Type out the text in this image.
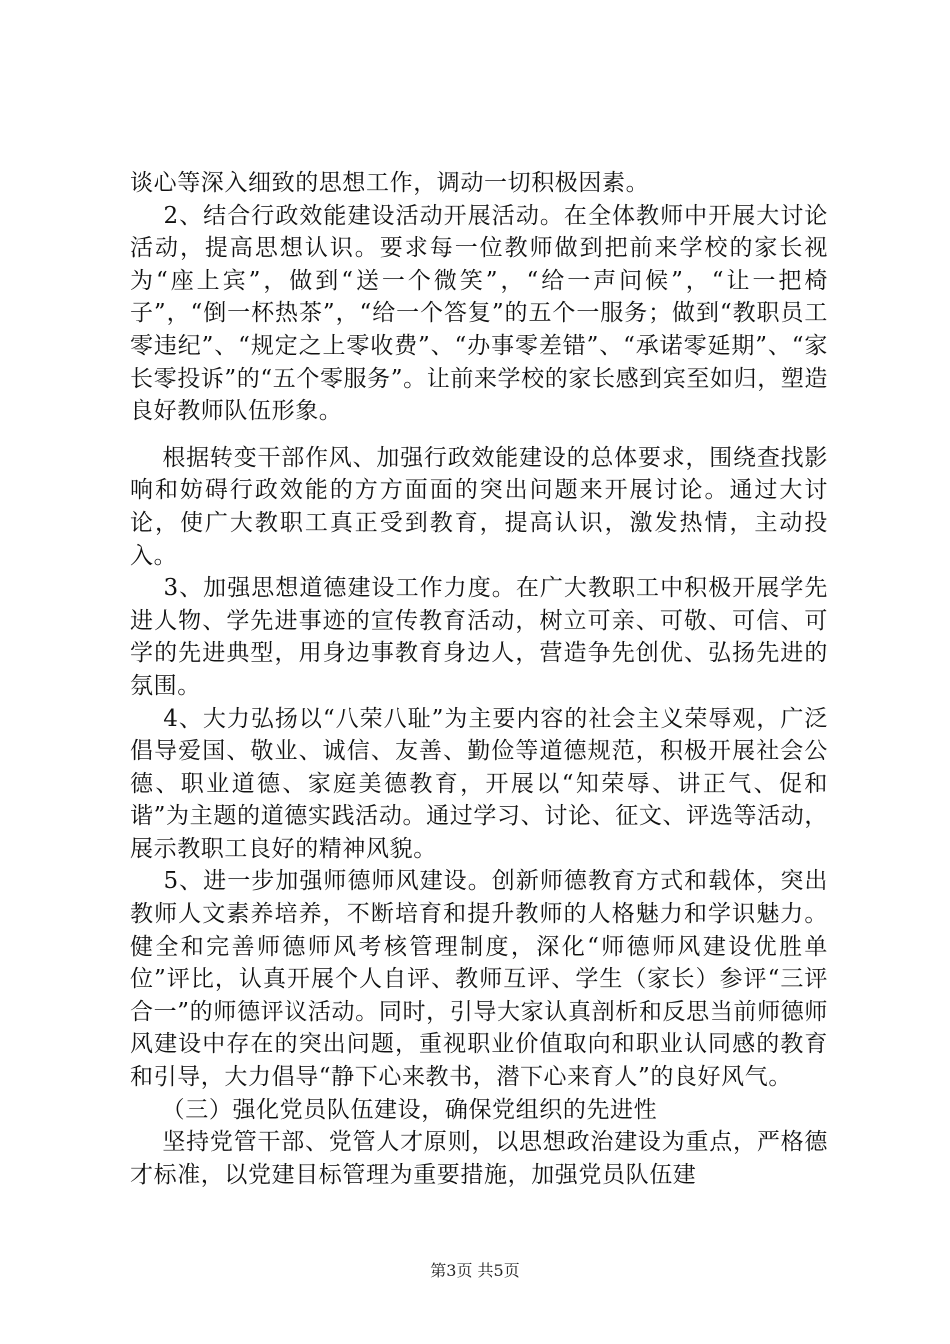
谈心等深入细致的思想工作，调动一切积极因素。

2、结合行政效能建设活动开展活动。在全体教师中开展大讨论活动，提高思想认识。要求每一位教师做到把前来学校的家长视为“座上宾”，做到“送一个微笑”，“给一声问候”，“让一把椅子”，“倒一杯热茶”，“给一个答复”的五个一服务；做到“教职员工零违纪”、“规定之上零收费”、“办事零差错”、“承诺零延期”、“家长零投诉”的“五个零服务”。让前来学校的家长感到宾至如归，塑造良好教师队伍形象。

根据转变干部作风、加强行政效能建设的总体要求，围绕查找影响和妨碍行政效能的方方面面的突出问题来开展讨论。通过大讨论，使广大教职工真正受到教育，提高认识，激发热情，主动投入。

3、加强思想道德建设工作力度。在广大教职工中积极开展学先进人物、学先进事迹的宣传教育活动，树立可亲、可敬、可信、可学的先进典型，用身边事教育身边人，营造争先创优、弘扬先进的氛围。

4、大力弘扬以“八荣八耻”为主要内容的社会主义荣辱观，广泛倡导爱国、敬业、诚信、友善、勤俭等道德规范，积极开展社会公德、职业道德、家庭美德教育，开展以“知荣辱、讲正气、促和谐”为主题的道德实践活动。通过学习、讨论、征文、评选等活动，展示教职工良好的精神风貌。

5、进一步加强师德师风建设。创新师德教育方式和载体，突出教师人文素养培养，不断培育和提升教师的人格魅力和学识魅力。健全和完善师德师风考核管理制度，深化“师德师风建设优胜单位”评比，认真开展个人自评、教师互评、学生（家长）参评“三评合一”的师德评议活动。同时，引导大家认真剖析和反思当前师德师风建设中存在的突出问题，重视职业价值取向和职业认同感的教育和引导，大力倡导“静下心来教书，潜下心来育人”的良好风气。

（三）强化党员队伍建设，确保党组织的先进性

坚持党管干部、党管人才原则，以思想政治建设为重点，严格德才标准，以党建目标管理为重要措施，加强党员队伍建

第3页 共5页
